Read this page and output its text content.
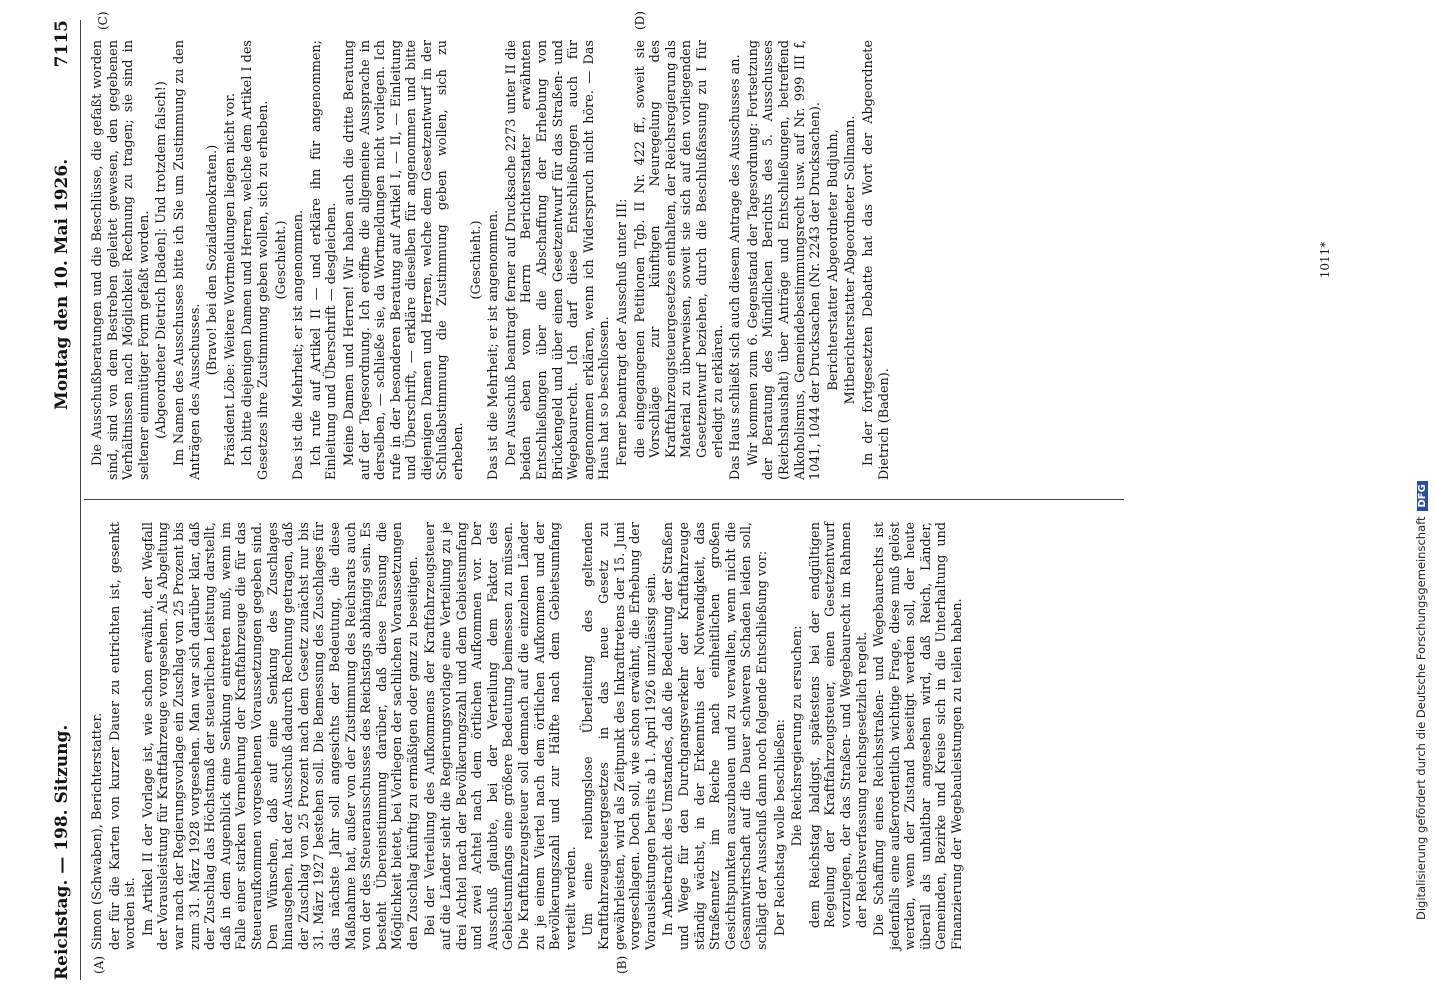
Reichstag. — 198. Sitzung.
Montag den 10. Mai 1926.
7115
(A)	(B)
(C)	(D)

Simon (Schwaben), Berichterstatter. der für die Karten von kurzer Dauer zu entrichten ist, gesenkt worden ist. Im Artikel II der Vorlage ist, wie schon erwähnt, der Wegfall der Vorausleistung für Kraftfahrzeuge vorgesehen. Als Abgeltung war nach der Regierungsvorlage ein Zuschlag von 25 Prozent bis zum 31. März 1928 vorgesehen. Man war sich darüber klar, daß der Zuschlag das Höchstmaß der steuerlichen Leistung darstellt, daß in dem Augenblick eine Senkung eintreten muß, wenn im Falle einer starken Vermehrung der Kraftfahrzeuge die für das Steueraufkommen vorgesehenen Voraussetzungen gegeben sind. Den Wünschen, daß auf eine Senkung des Zuschlages hinausgehen, hat der Ausschuß dadurch Rechnung getragen, daß der Zuschlag von 25 Prozent nach dem Gesetz zunächst nur bis 31. März 1927 bestehen soll. Die Bemessung des Zuschlages für das nächste Jahr soll angesichts der Bedeutung, die diese Maßnahme hat, außer von der Zustimmung des Reichsrats auch von der des Steuerausschusses des Reichstags abhängig sein. Es besteht Übereinstimmung darüber, daß diese Fassung die Möglichkeit bietet, bei Vorliegen der sachlichen Voraussetzungen den Zuschlag künftig zu ermäßigen oder ganz zu beseitigen. Bei der Verteilung des Aufkommens der Kraftfahrzeugsteuer auf die Länder sieht die Regierungsvorlage eine Verteilung zu je drei Achtel nach der Bevölkerungszahl und dem Gebietsumfang und zwei Achtel nach dem örtlichen Aufkommen vor. Der Ausschuß glaubte, bei der Verteilung dem Faktor des Gebietsumfangs eine größere Bedeutung beimessen zu müssen. Die Kraftfahrzeugsteuer soll demnach auf die einzelnen Länder zu je einem Viertel nach dem örtlichen Aufkommen und der Bevölkerungszahl und zur Hälfte nach dem Gebietsumfang verteilt werden. Um eine reibungslose Überleitung des geltenden Kraftfahrzeugsteuergesetzes in das neue Gesetz zu gewährleisten, wird als Zeitpunkt des Inkrafttretens der 15. Juni vorgeschlagen. Doch soll, wie schon erwähnt, die Erhebung der Vorausleistungen bereits ab 1. April 1926 unzulässig sein. In Anbetracht des Umstandes, daß die Bedeutung der Straßen und Wege für den Durchgangsverkehr der Kraftfahrzeuge ständig wächst, in der Erkenntnis der Notwendigkeit, das Straßennetz im Reiche nach einheitlichen großen Gesichtspunkten auszubauen und zu verwalten, wenn nicht die Gesamtwirtschaft auf die Dauer schweren Schaden leiden soll, schlägt der Ausschuß dann noch folgende Entschließung vor: Der Reichstag wolle beschließen: Die Reichsregierung zu ersuchen: dem Reichstag baldigst, spätestens bei der endgültigen Regelung der Kraftfahrzeugsteuer, einen Gesetzentwurf vorzulegen, der das Straßen- und Wegebaurecht im Rahmen der Reichsverfassung reichsgesetzlich regelt. Die Schaffung eines Reichsstraßen- und Wegebaurechts ist jedenfalls eine außerordentlich wichtige Frage, diese muß gelöst werden, wenn der Zustand beseitigt werden soll, der heute überall als unhaltbar angesehen wird, daß Reich, Länder, Gemeinden, Bezirke und Kreise sich in die Unterhaltung und Finanzierung der Wegebauleistungen zu teilen haben.

Die Ausschußberatungen und die Beschlüsse, die gefaßt worden sind, sind von dem Bestreben geleitet gewesen, den gegebenen Verhältnissen nach Möglichkeit Rechnung zu tragen; sie sind in seltener einmütiger Form gefaßt worden. (Abgeordneter Dietrich [Baden]: Und trotzdem falsch!) Im Namen des Ausschusses bitte ich Sie um Zustimmung zu den Anträgen des Ausschusses.

(Bravo! bei den Sozialdemokraten.) Präsident Löbe: Weitere Wortmeldungen liegen nicht vor. Ich bitte diejenigen Damen und Herren, welche dem Artikel I des Gesetzes ihre Zustimmung geben wollen, sich zu erheben. (Geschieht.) Das ist die Mehrheit; er ist angenommen. Ich rufe auf Artikel II — und erkläre ihn für angenommen; Einleitung und Überschrift — desgleichen. Meine Damen und Herren! Wir haben auch die dritte Beratung auf der Tagesordnung. Ich eröffne die allgemeine Aussprache in derselben, — schließe sie, da Wortmeldungen nicht vorliegen. Ich rufe in der besonderen Beratung auf Artikel I, — II, — Einleitung und Überschrift, — erkläre dieselben für angenommen und bitte diejenigen Damen und Herren, welche dem Gesetzentwurf in der Schlußabstimmung die Zustimmung geben wollen, sich zu erheben.

(Geschieht.) Das ist die Mehrheit; er ist angenommen. Der Ausschuß beantragt ferner auf Drucksache 2273 unter II die beiden eben vom Herrn Berichterstatter erwähnten Entschließungen über die Abschaffung der Erhebung von Brückengeld und über einen Gesetzentwurf für das Straßen- und Wegebaurecht. Ich darf diese Entschließungen auch für angenommen erklären, wenn ich Widerspruch nicht höre. — Das Haus hat so beschlossen. Ferner beantragt der Ausschuß unter III: die eingegangenen Petitionen Tgb. II Nr. 422 ff., soweit sie Vorschläge zur künftigen Neuregelung des Kraftfahrzeugsteuergesetzes enthalten, der Reichsregierung als Material zu überweisen, soweit sie sich auf den vorliegenden Gesetzentwurf beziehen, durch die Beschlußfassung zu I für erledigt zu erklären. Das Haus schließt sich auch diesem Antrage des Ausschusses an. Wir kommen zum 6. Gegenstand der Tagesordnung: Fortsetzung der Beratung des Mündlichen Berichts des 5. Ausschusses (Reichshaushalt) über Anträge und Entschließungen, betreffend Alkoholismus, Gemeindebestimmungsrecht usw. auf Nr. 999 III f, 1041, 1044 der Drucksachen (Nr. 2243 der Drucksachen). Berichterstatter Abgeordneter Budjuhn, Mitberichterstatter Abgeordneter Sollmann. In der fortgesetzten Debatte hat das Wort der Abgeordnete Dietrich (Baden).

1011*
Digitalisierung gefördert durch die Deutsche ForschungsgemeinschaftDFG
